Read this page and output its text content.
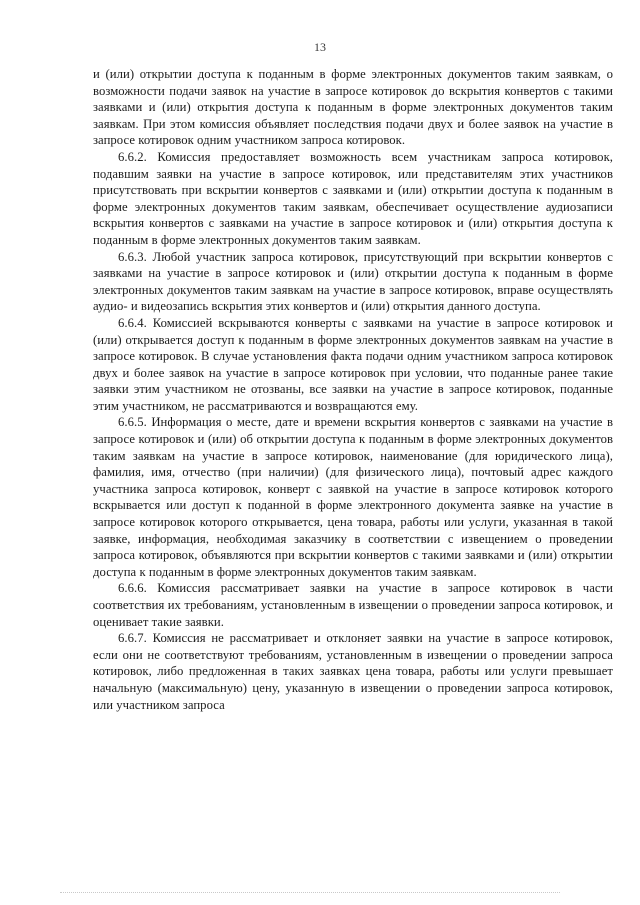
13

и (или) открытии доступа к поданным в форме электронных документов таким заявкам, о возможности подачи заявок на участие в запросе котировок до вскрытия конвертов с такими заявками и (или) открытия доступа к поданным в форме электронных документов таким заявкам. При этом комиссия объявляет последствия подачи двух и более заявок на участие в запросе котировок одним участником запроса котировок.

6.6.2. Комиссия предоставляет возможность всем участникам запроса котировок, подавшим заявки на участие в запросе котировок, или представителям этих участников присутствовать при вскрытии конвертов с заявками и (или) открытии доступа к поданным в форме электронных документов таким заявкам, обеспечивает осуществление аудиозаписи вскрытия конвертов с заявками на участие в запросе котировок и (или) открытия доступа к поданным в форме электронных документов таким заявкам.

6.6.3. Любой участник запроса котировок, присутствующий при вскрытии конвертов с заявками на участие в запросе котировок и (или) открытии доступа к поданным в форме электронных документов таким заявкам на участие в запросе котировок, вправе осуществлять аудио- и видеозапись вскрытия этих конвертов и (или) открытия данного доступа.

6.6.4. Комиссией вскрываются конверты с заявками на участие в запросе котировок и (или) открывается доступ к поданным в форме электронных документов заявкам на участие в запросе котировок. В случае установления факта подачи одним участником запроса котировок двух и более заявок на участие в запросе котировок при условии, что поданные ранее такие заявки этим участником не отозваны, все заявки на участие в запросе котировок, поданные этим участником, не рассматриваются и возвращаются ему.

6.6.5. Информация о месте, дате и времени вскрытия конвертов с заявками на участие в запросе котировок и (или) об открытии доступа к поданным в форме электронных документов таким заявкам на участие в запросе котировок, наименование (для юридического лица), фамилия, имя, отчество (при наличии) (для физического лица), почтовый адрес каждого участника запроса котировок, конверт с заявкой на участие в запросе котировок которого вскрывается или доступ к поданной в форме электронного документа заявке на участие в запросе котировок которого открывается, цена товара, работы или услуги, указанная в такой заявке, информация, необходимая заказчику в соответствии с извещением о проведении запроса котировок, объявляются при вскрытии конвертов с такими заявками и (или) открытии доступа к поданным в форме электронных документов таким заявкам.

6.6.6. Комиссия рассматривает заявки на участие в запросе котировок в части соответствия их требованиям, установленным в извещении о проведении запроса котировок, и оценивает такие заявки.

6.6.7. Комиссия не рассматривает и отклоняет заявки на участие в запросе котировок, если они не соответствуют требованиям, установленным в извещении о проведении запроса котировок, либо предложенная в таких заявках цена товара, работы или услуги превышает начальную (максимальную) цену, указанную в извещении о проведении запроса котировок, или участником запроса
